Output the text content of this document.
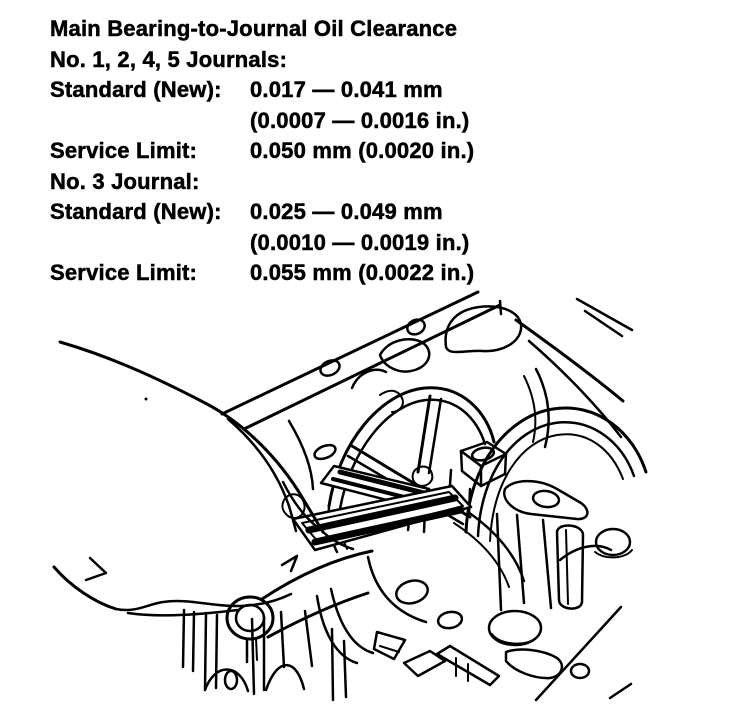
Main Bearing-to-Journal Oil Clearance
No. 1, 2, 4, 5 Journals:
Standard (New):	0.017 — 0.041 mm
(0.0007 — 0.0016 in.)
Service Limit:	0.050 mm (0.0020 in.)
No. 3 Journal:
Standard (New):	0.025 — 0.049 mm
(0.0010 — 0.0019 in.)
Service Limit:	0.055 mm (0.0022 in.)
